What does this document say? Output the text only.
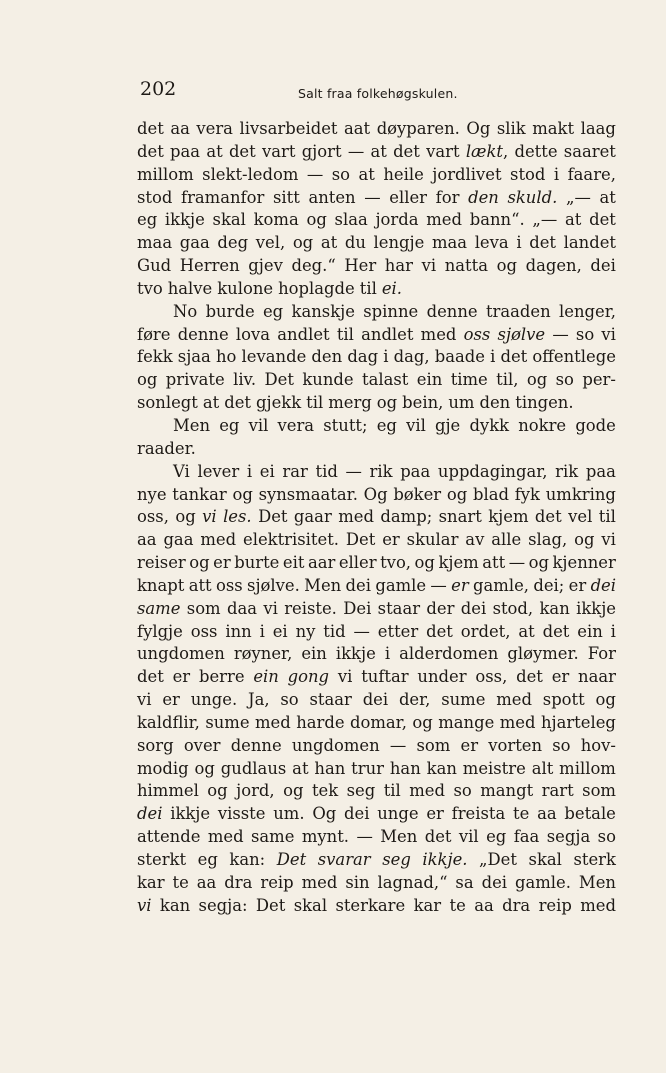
202	Salt fraa folkehøgskulen.
det aa vera livsarbeidet aat døyparen. Og slik makt laag
det paa at det vart gjort — at det vart lækt, dette saaret
millom slekt-ledom — so at heile jordlivet stod i faare,
stod framanfor sitt anten — eller for den skuld. „— at
eg ikkje skal koma og slaa jorda med bann“. „— at det
maa gaa deg vel, og at du lengje maa leva i det landet
Gud Herren gjev deg.“ Her har vi natta og dagen, dei
tvo halve kulone hoplagde til ei.
No burde eg kanskje spinne denne traaden lenger,
føre denne lova andlet til andlet med oss sjølve — so vi
fekk sjaa ho levande den dag i dag, baade i det offentlege
og private liv. Det kunde talast ein time til, og so per-
sonlegt at det gjekk til merg og bein, um den tingen.
Men eg vil vera stutt; eg vil gje dykk nokre gode
raader.
Vi lever i ei rar tid — rik paa uppdagingar, rik paa
nye tankar og synsmaatar. Og bøker og blad fyk umkring
oss, og vi les. Det gaar med damp; snart kjem det vel til
aa gaa med elektrisitet. Det er skular av alle slag, og vi
reiser og er burte eit aar eller tvo, og kjem att — og kjenner
knapt att oss sjølve. Men dei gamle — er gamle, dei; er dei
same som daa vi reiste. Dei staar der dei stod, kan ikkje
fylgje oss inn i ei ny tid — etter det ordet, at det ein i
ungdomen røyner, ein ikkje i alderdomen gløymer. For
det er berre ein gong vi tuftar under oss, det er naar
vi er unge. Ja, so staar dei der, sume med spott og
kaldflir, sume med harde domar, og mange med hjarteleg
sorg over denne ungdomen — som er vorten so hov-
modig og gudlaus at han trur han kan meistre alt millom
himmel og jord, og tek seg til med so mangt rart som
dei ikkje visste um. Og dei unge er freista te aa betale
attende med same mynt. — Men det vil eg faa segja so
sterkt eg kan: Det svarar seg ikkje. „Det skal sterk
kar te aa dra reip med sin lagnad,“ sa dei gamle. Men
vi kan segja: Det skal sterkare kar te aa dra reip med
